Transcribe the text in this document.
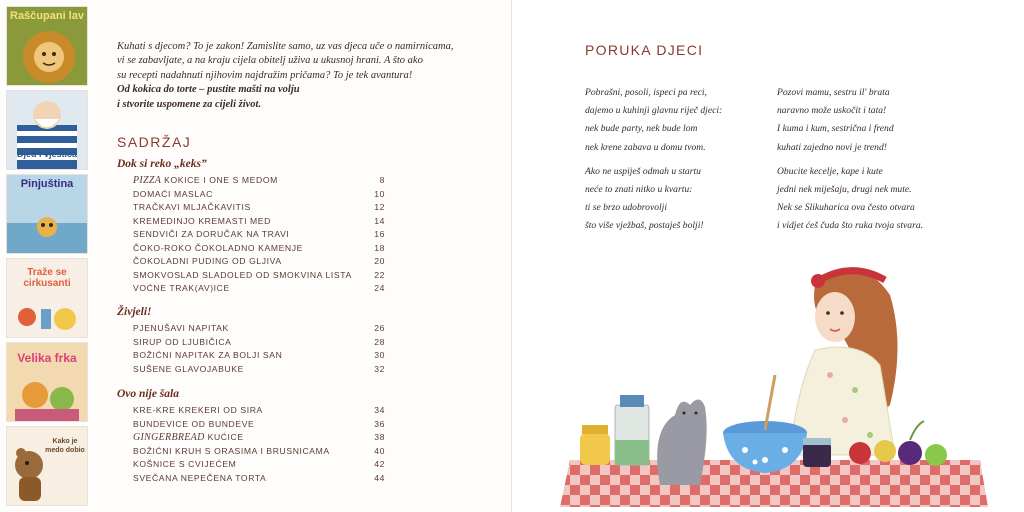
Raščupani lav
Djed i vještica
Pinjuština
Traže se cirkusanti
Velika frka
Kako je medo dobio
Kuhati s djecom? To je zakon! Zamislite samo, uz vas djeca uče o namirnicama,
vi se zabavljate, a na kraju cijela obitelj uživa u ukusnoj hrani. A što ako
su recepti nadahnuti njihovim najdražim pričama? To je tek avantura!
Od kokica do torte – pustite mašti na volju
i stvorite uspomene za cijeli život.
SADRŽAJ
Dok si reko „keks”
PIZZA KOKICE I ONE S MEDOM	8
DOMAĆI MASLAC	10
TRAČKAVI MLJAČKAVITIS	12
KREMEDINJO KREMASTI MED	14
SENDVIČI ZA DORUČAK NA TRAVI	16
ČOKO-ROKO ČOKOLADNO KAMENJE	18
ČOKOLADNI PUDING OD GLJIVA	20
SMOKVOSLAD SLADOLED OD SMOKVINA LISTA	22
VOĆNE TRAK(AV)ICE	24
Živjeli!
PJENUŠAVI NAPITAK	26
SIRUP OD LJUBIČICA	28
BOŽIĆNI NAPITAK ZA BOLJI SAN	30
SUŠENE GLAVOJABUKE	32
Ovo nije šala
KRE-KRE KREKERI OD SIRA	34
BUNDEVICE OD BUNDEVE	36
GINGERBREAD KUĆICE	38
BOŽIĆNI KRUH S ORASIMA I BRUSNICAMA	40
KOŠNICE S CVIJEĆEM	42
SVEČANA NEPEČENA TORTA	44
PORUKA DJECI
Pobrašni, posoli, ispeci pa reci,
dajemo u kuhinji glavnu riječ djeci:
nek bude party, nek bude lom
nek krene zabava u domu tvom.
Ako ne uspiješ odmah u startu
neće to znati nitko u kvartu:
ti se brzo udobrovolji
što više vježbaš, postaješ bolji!
Pozovi mamu, sestru il' brata
naravno može uskočit i tata!
I kuma i kum, sestrična i frend
kuhati zajedno novi je trend!
Obucite kecelje, kape i kute
jedni nek miješaju, drugi nek mute.
Nek se Slikuharica ova često otvara
i vidjet ćeš čuda što ruka tvoja stvara.
